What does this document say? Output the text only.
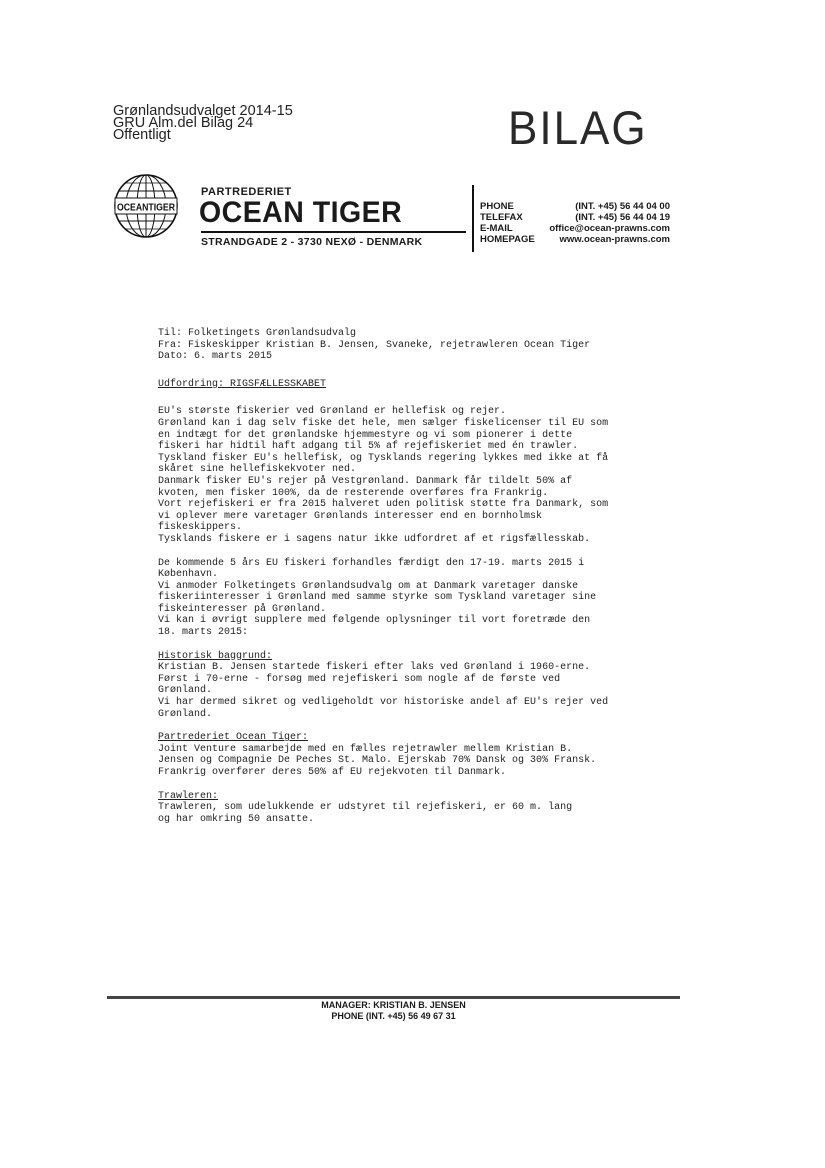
Grønlandsudvalget 2014-15
GRU Alm.del Bilag 24
Offentligt	BILAG
OCEANTIGER
PARTREDERIET
OCEAN TIGER
STRANDGADE 2 - 3730 NEXØ - DENMARK
PHONE	(INT. +45) 56 44 04 00
TELEFAX	(INT. +45) 56 44 04 19
E-MAIL	office@ocean-prawns.com
HOMEPAGE	www.ocean-prawns.com

Til: Folketingets Grønlandsudvalg

Fra: Fiskeskipper Kristian B. Jensen, Svaneke, rejetrawleren Ocean Tiger

Dato: 6. marts 2015

Udfordring: RIGSFÆLLESSKABET

EU's største fiskerier ved Grønland er hellefisk og rejer.

Grønland kan i dag selv fiske det hele, men sælger fiskelicenser til EU som

en indtægt for det grønlandske hjemmestyre og vi som pionerer i dette

fiskeri har hidtil haft adgang til 5% af rejefiskeriet med én trawler.

Tyskland fisker EU's hellefisk, og Tysklands regering lykkes med ikke at få

skåret sine hellefiskekvoter ned.

Danmark fisker EU's rejer på Vestgrønland. Danmark får tildelt 50% af

kvoten, men fisker 100%, da de resterende overføres fra Frankrig.

Vort rejefiskeri er fra 2015 halveret uden politisk støtte fra Danmark, som

vi oplever mere varetager Grønlands interesser end en bornholmsk

fiskeskippers.

Tysklands fiskere er i sagens natur ikke udfordret af et rigsfællesskab.

De kommende 5 års EU fiskeri forhandles færdigt den 17-19. marts 2015 i

København.

Vi anmoder Folketingets Grønlandsudvalg om at Danmark varetager danske

fiskeriinteresser i Grønland med samme styrke som Tyskland varetager sine

fiskeinteresser på Grønland.

Vi kan i øvrigt supplere med følgende oplysninger til vort foretræde den

18. marts 2015:

Historisk baggrund:

Kristian B. Jensen startede fiskeri efter laks ved Grønland i 1960-erne.

Først i 70-erne - forsøg med rejefiskeri som nogle af de første ved

Grønland.

Vi har dermed sikret og vedligeholdt vor historiske andel af EU's rejer ved

Grønland.

Partrederiet Ocean Tiger:

Joint Venture samarbejde med en fælles rejetrawler mellem Kristian B.

Jensen og Compagnie De Peches St. Malo. Ejerskab 70% Dansk og 30% Fransk.

Frankrig overfører deres 50% af EU rejekvoten til Danmark.

Trawleren:

Trawleren, som udelukkende er udstyret til rejefiskeri, er 60 m. lang

og har omkring 50 ansatte.

MANAGER: KRISTIAN B. JENSEN
PHONE (INT. +45) 56 49 67 31
